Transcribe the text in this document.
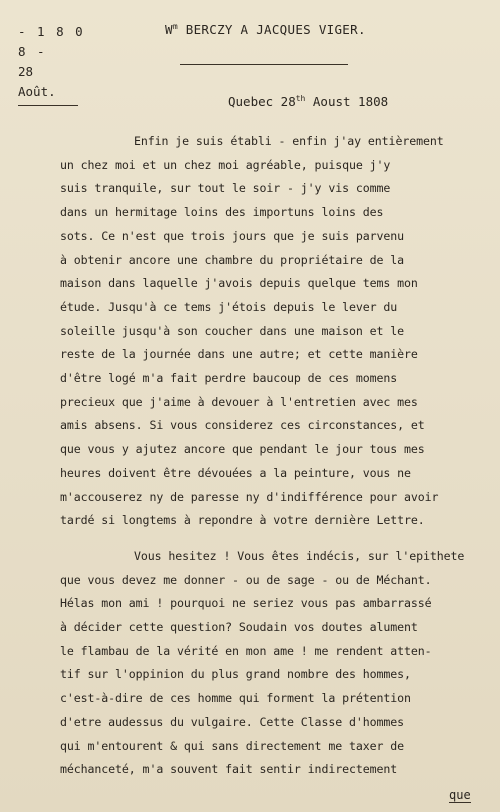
- 1 8 0 8 -
28 Août.
$W^m$ BERCZY A JACQUES VIGER.
Quebec 28th Aoust 1808
Enfin je suis établi - enfin j'ay entièrement
un chez moi et un chez moi agréable, puisque j'y
suis tranquile, sur tout le soir - j'y vis comme
dans un hermitage loins des importuns loins des
sots. Ce n'est que trois jours que je suis parvenu
à obtenir ancore une chambre du propriétaire de la
maison dans laquelle j'avois depuis quelque tems mon
étude. Jusqu'à ce tems j'étois depuis le lever du
soleille jusqu'à son coucher dans une maison et le
reste de la journée dans une autre; et cette manière
d'être logé m'a fait perdre baucoup de ces momens
precieux que j'aime à devouer à l'entretien avec mes
amis absens. Si vous considerez ces circonstances, et
que vous y ajutez ancore que pendant le jour tous mes
heures doivent être dévouées a la peinture, vous ne
m'accouserez ny de paresse ny d'indifférence pour avoir
tardé si longtems à repondre à votre dernière Lettre.
Vous hesitez ! Vous êtes indécis, sur l'epithete
que vous devez me donner - ou de sage - ou de Méchant.
Hélas mon ami ! pourquoi ne seriez vous pas ambarrassé
à décider cette question? Soudain vos doutes alument
le flambau de la vérité en mon ame ! me rendent atten-
tif sur l'oppinion du plus grand nombre des hommes,
c'est-à-dire de ces homme qui forment la prétention
d'etre audessus du vulgaire. Cette Classe d'hommes
qui m'entourent & qui sans directement me taxer de
méchanceté, m'a souvent fait sentir indirectement
que
